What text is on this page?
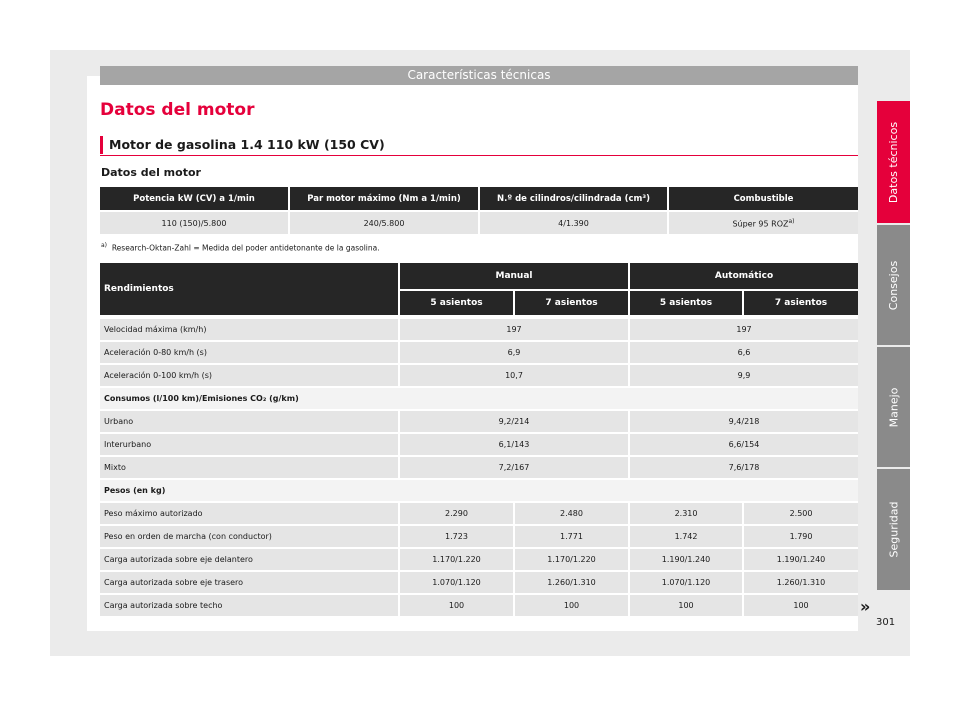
Características técnicas
Datos del motor
Motor de gasolina 1.4 110 kW (150 CV)
Datos del motor
Potencia kW (CV) a 1/min	Par motor máximo (Nm a 1/min)	N.º de cilindros/cilindrada (cm³)	Combustible
110 (150)/5.800	240/5.800	4/1.390	Súper 95 ROZ$^{a)}$
$^{a)}$ Research-Oktan-Zahl = Medida del poder antidetonante de la gasolina.
Rendimientos	Manual		Automático	
	5 asientos	7 asientos	5 asientos	7 asientos
Velocidad máxima (km/h)	197		197	
Aceleración 0-80 km/h (s)	6,9		6,6	
Aceleración 0-100 km/h (s)	10,7		9,9	
Consumos (l/100 km)/Emisiones CO₂ (g/km)				
Urbano	9,2/214		9,4/218	
Interurbano	6,1/143		6,6/154	
Mixto	7,2/167		7,6/178	
Pesos (en kg)				
Peso máximo autorizado	2.290	2.480	2.310	2.500
Peso en orden de marcha (con conductor)	1.723	1.771	1.742	1.790
Carga autorizada sobre eje delantero	1.170/1.220	1.170/1.220	1.190/1.240	1.190/1.240
Carga autorizada sobre eje trasero	1.070/1.120	1.260/1.310	1.070/1.120	1.260/1.310
Carga autorizada sobre techo	100	100	100	100
Datos técnicos
Consejos
Manejo
Seguridad
»
301
